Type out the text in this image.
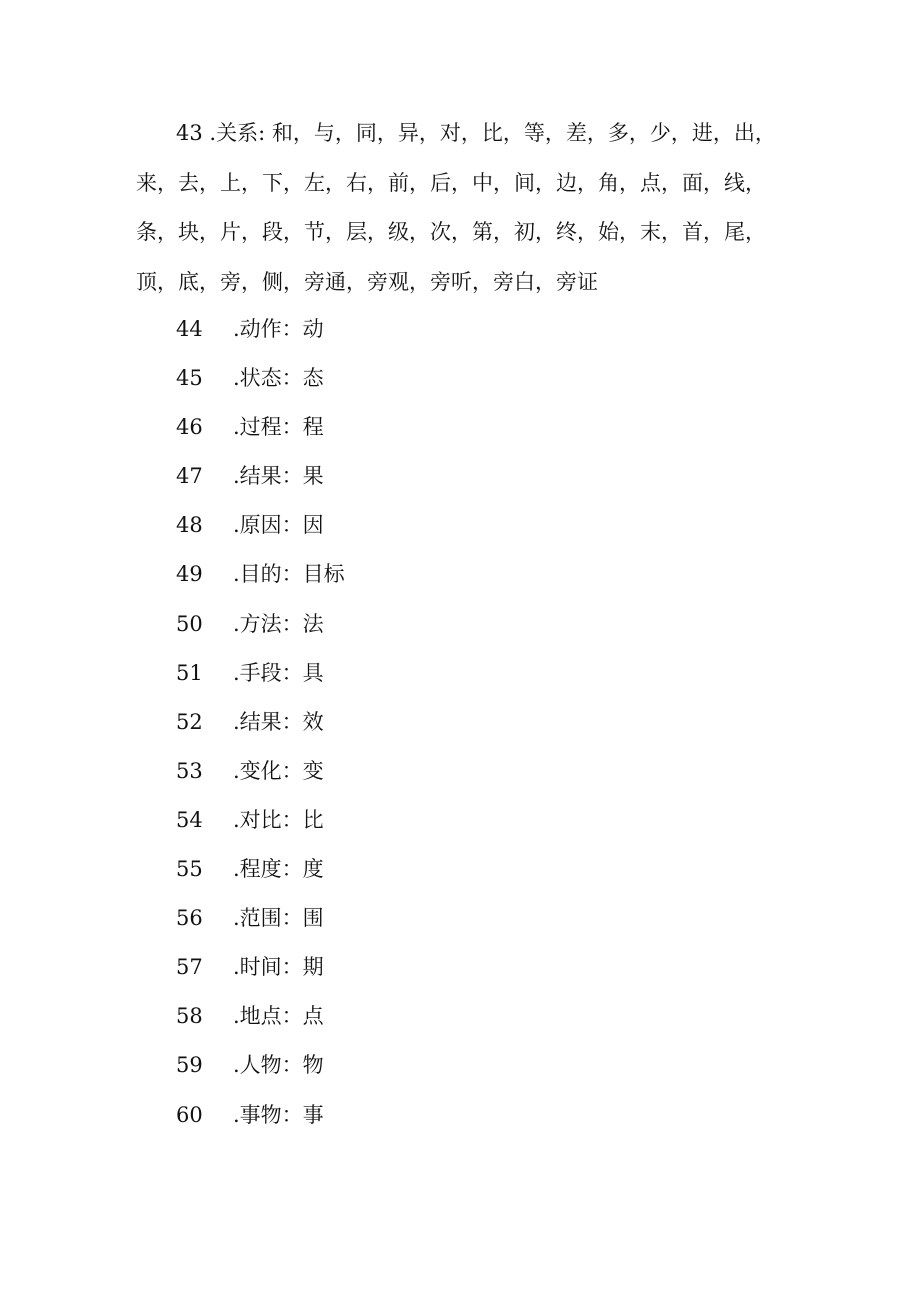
43 .关系: 和，与，同，异，对，比，等，差，多，少，进，出，
来，去，上，下，左，右，前，后，中，间，边，角，点，面，线，
条，块，片，段，节，层，级，次，第，初，终，始，末，首，尾，
顶，底，旁，侧，旁通，旁观，旁听，旁白，旁证
44 .动作：动
45 .状态：态
46 .过程：程
47 .结果：果
48 .原因：因
49 .目的：目标
50 .方法：法
51 .手段：具
52 .结果：效
53 .变化：变
54 .对比：比
55 .程度：度
56 .范围：围
57 .时间：期
58 .地点：点
59 .人物：物
60 .事物：事
